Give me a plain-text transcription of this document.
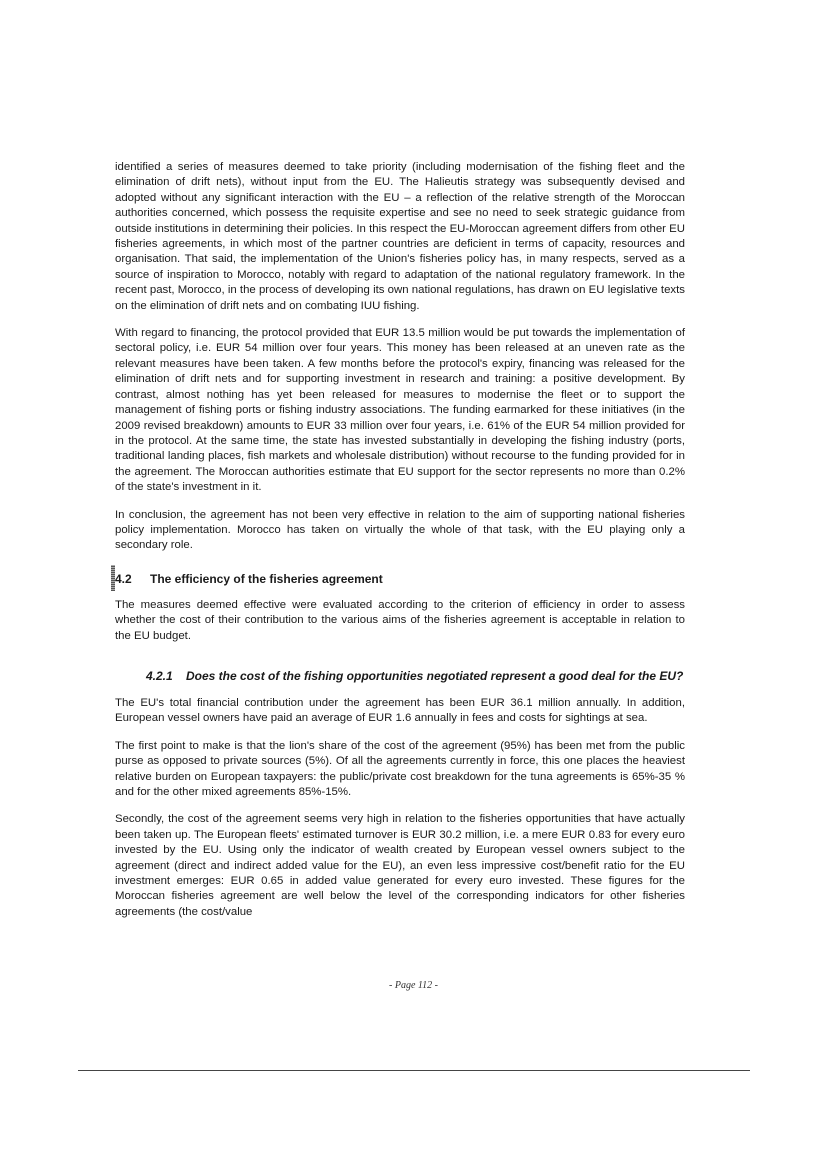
identified a series of measures deemed to take priority (including modernisation of the fishing fleet and the elimination of drift nets), without input from the EU. The Halieutis strategy was subsequently devised and adopted without any significant interaction with the EU – a reflection of the relative strength of the Moroccan authorities concerned, which possess the requisite expertise and see no need to seek strategic guidance from outside institutions in determining their policies. In this respect the EU-Moroccan agreement differs from other EU fisheries agreements, in which most of the partner countries are deficient in terms of capacity, resources and organisation. That said, the implementation of the Union's fisheries policy has, in many respects, served as a source of inspiration to Morocco, notably with regard to adaptation of the national regulatory framework. In the recent past, Morocco, in the process of developing its own national regulations, has drawn on EU legislative texts on the elimination of drift nets and on combating IUU fishing.

With regard to financing, the protocol provided that EUR 13.5 million would be put towards the implementation of sectoral policy, i.e. EUR 54 million over four years. This money has been released at an uneven rate as the relevant measures have been taken. A few months before the protocol's expiry, financing was released for the elimination of drift nets and for supporting investment in research and training: a positive development. By contrast, almost nothing has yet been released for measures to modernise the fleet or to support the management of fishing ports or fishing industry associations. The funding earmarked for these initiatives (in the 2009 revised breakdown) amounts to EUR 33 million over four years, i.e. 61% of the EUR 54 million provided for in the protocol. At the same time, the state has invested substantially in developing the fishing industry (ports, traditional landing places, fish markets and wholesale distribution) without recourse to the funding provided for in the agreement. The Moroccan authorities estimate that EU support for the sector represents no more than 0.2% of the state's investment in it.

In conclusion, the agreement has not been very effective in relation to the aim of supporting national fisheries policy implementation. Morocco has taken on virtually the whole of that task, with the EU playing only a secondary role.

4.2	The efficiency of the fisheries agreement

The measures deemed effective were evaluated according to the criterion of efficiency in order to assess whether the cost of their contribution to the various aims of the fisheries agreement is acceptable in relation to the EU budget.

4.2.1	Does the cost of the fishing opportunities negotiated represent a good deal for the EU?

The EU's total financial contribution under the agreement has been EUR 36.1 million annually. In addition, European vessel owners have paid an average of EUR 1.6 annually in fees and costs for sightings at sea.

The first point to make is that the lion's share of the cost of the agreement (95%) has been met from the public purse as opposed to private sources (5%). Of all the agreements currently in force, this one places the heaviest relative burden on European taxpayers: the public/private cost breakdown for the tuna agreements is 65%-35 % and for the other mixed agreements 85%-15%.

Secondly, the cost of the agreement seems very high in relation to the fisheries opportunities that have actually been taken up. The European fleets' estimated turnover is EUR 30.2 million, i.e. a mere EUR 0.83 for every euro invested by the EU. Using only the indicator of wealth created by European vessel owners subject to the agreement (direct and indirect added value for the EU), an even less impressive cost/benefit ratio for the EU investment emerges: EUR 0.65 in added value generated for every euro invested. These figures for the Moroccan fisheries agreement are well below the level of the corresponding indicators for other fisheries agreements (the cost/value

- Page 112 -
